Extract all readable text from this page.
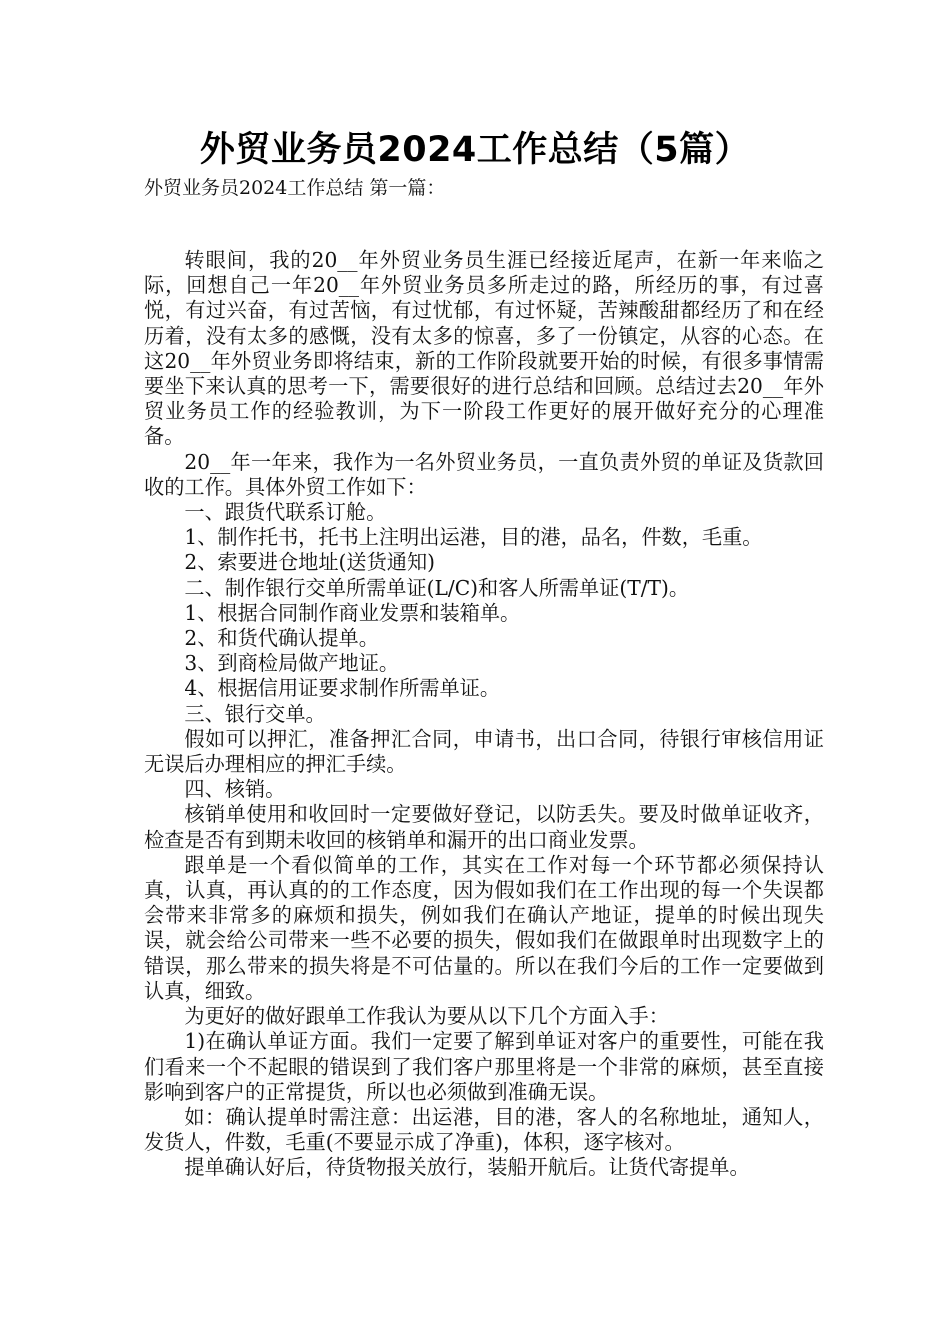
外贸业务员2024工作总结（5篇）
外贸业务员2024工作总结 第一篇：

转眼间，我的20__年外贸业务员生涯已经接近尾声，在新一年来临之际，回想自己一年20__年外贸业务员多所走过的路，所经历的事，有过喜悦，有过兴奋，有过苦恼，有过忧郁，有过怀疑，苦辣酸甜都经历了和在经历着，没有太多的感慨，没有太多的惊喜，多了一份镇定，从容的心态。在这20__年外贸业务即将结束，新的工作阶段就要开始的时候，有很多事情需要坐下来认真的思考一下，需要很好的进行总结和回顾。总结过去20__年外贸业务员工作的经验教训，为下一阶段工作更好的展开做好充分的心理准备。

20__年一年来，我作为一名外贸业务员，一直负责外贸的单证及货款回收的工作。具体外贸工作如下：

一、跟货代联系订舱。

1、制作托书，托书上注明出运港，目的港，品名，件数，毛重。

2、索要进仓地址(送货通知)

二、制作银行交单所需单证(L/C)和客人所需单证(T/T)。

1、根据合同制作商业发票和装箱单。

2、和货代确认提单。

3、到商检局做产地证。

4、根据信用证要求制作所需单证。

三、银行交单。

假如可以押汇，准备押汇合同，申请书，出口合同，待银行审核信用证无误后办理相应的押汇手续。

四、核销。

核销单使用和收回时一定要做好登记，以防丢失。要及时做单证收齐，检查是否有到期未收回的核销单和漏开的出口商业发票。

跟单是一个看似简单的工作，其实在工作对每一个环节都必须保持认真，认真，再认真的的工作态度，因为假如我们在工作出现的每一个失误都会带来非常多的麻烦和损失，例如我们在确认产地证，提单的时候出现失误，就会给公司带来一些不必要的损失，假如我们在做跟单时出现数字上的错误，那么带来的损失将是不可估量的。所以在我们今后的工作一定要做到认真，细致。

为更好的做好跟单工作我认为要从以下几个方面入手：

1)在确认单证方面。我们一定要了解到单证对客户的重要性，可能在我们看来一个不起眼的错误到了我们客户那里将是一个非常的麻烦，甚至直接影响到客户的正常提货，所以也必须做到准确无误。

如：确认提单时需注意：出运港，目的港，客人的名称地址，通知人，发货人，件数，毛重(不要显示成了净重)，体积，逐字核对。

提单确认好后，待货物报关放行，装船开航后。让货代寄提单。
